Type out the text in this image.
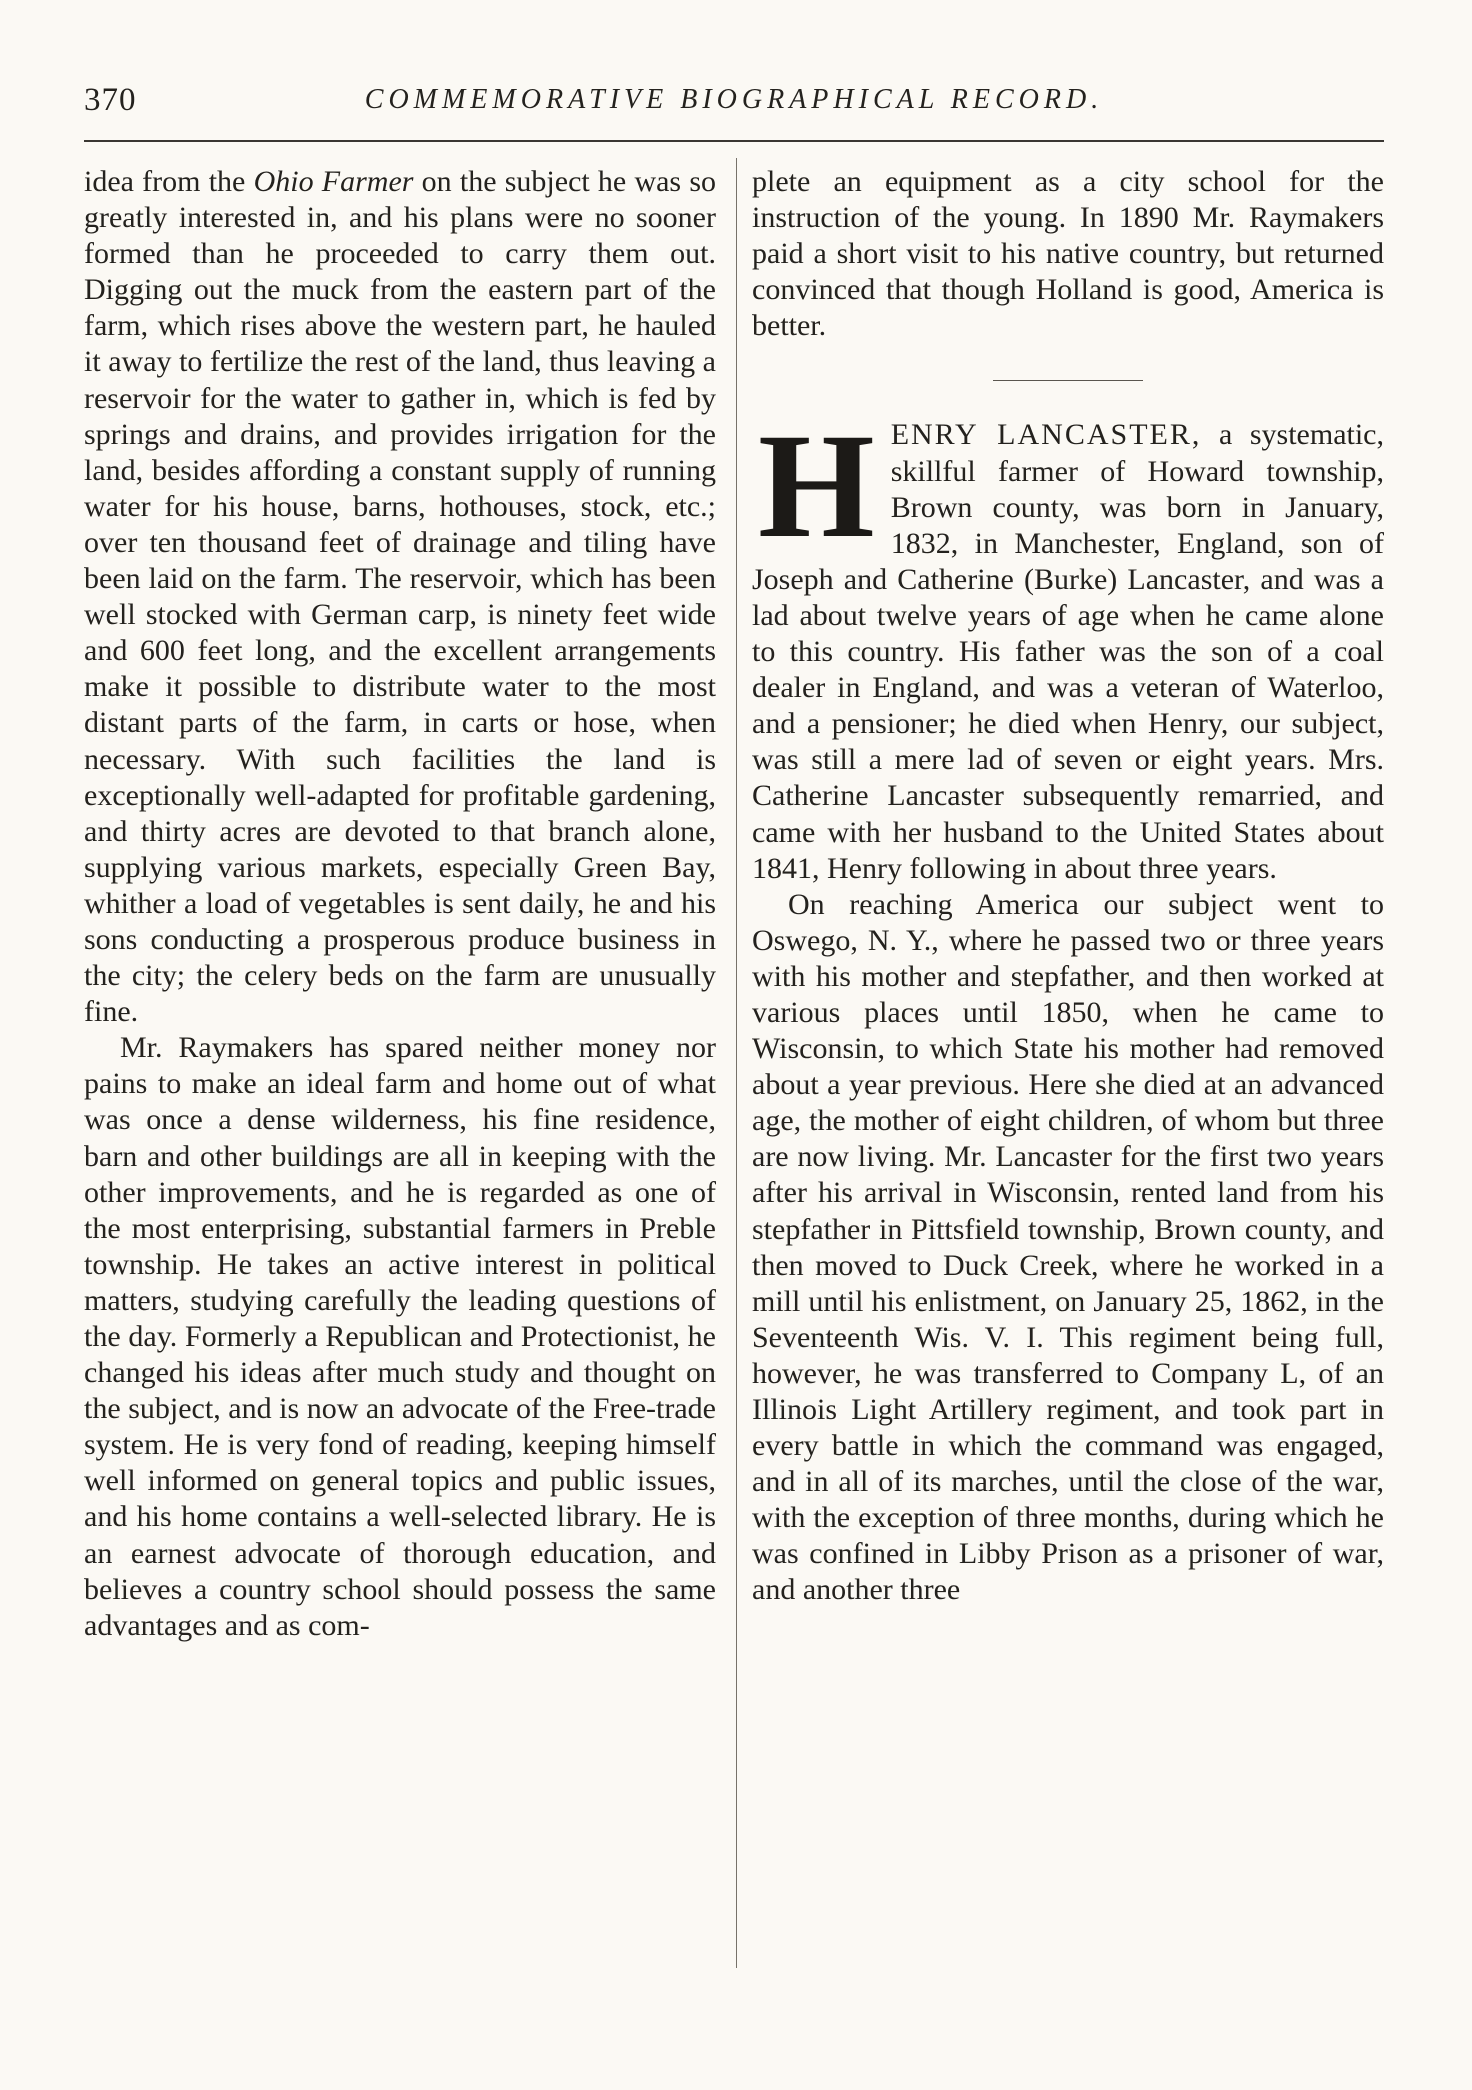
370	COMMEMORATIVE BIOGRAPHICAL RECORD.

idea from the Ohio Farmer on the subject he was so greatly interested in, and his plans were no sooner formed than he proceeded to carry them out. Digging out the muck from the eastern part of the farm, which rises above the western part, he hauled it away to fertilize the rest of the land, thus leaving a reservoir for the water to gather in, which is fed by springs and drains, and provides irrigation for the land, besides affording a constant supply of running water for his house, barns, hothouses, stock, etc.; over ten thousand feet of drainage and tiling have been laid on the farm. The reservoir, which has been well stocked with German carp, is ninety feet wide and 600 feet long, and the excellent arrangements make it possible to distribute water to the most distant parts of the farm, in carts or hose, when necessary. With such facilities the land is exceptionally well-adapted for profitable gardening, and thirty acres are devoted to that branch alone, supplying various markets, especially Green Bay, whither a load of vegetables is sent daily, he and his sons conducting a prosperous produce business in the city; the celery beds on the farm are unusually fine.

Mr. Raymakers has spared neither money nor pains to make an ideal farm and home out of what was once a dense wilderness, his fine residence, barn and other buildings are all in keeping with the other improvements, and he is regarded as one of the most enterprising, substantial farmers in Preble township. He takes an active interest in political matters, studying carefully the leading questions of the day. Formerly a Republican and Protectionist, he changed his ideas after much study and thought on the subject, and is now an advocate of the Free-trade system. He is very fond of reading, keeping himself well informed on general topics and public issues, and his home contains a well-selected library. He is an earnest advocate of thorough education, and believes a country school should possess the same advantages and as com-

plete an equipment as a city school for the instruction of the young. In 1890 Mr. Raymakers paid a short visit to his native country, but returned convinced that though Holland is good, America is better.

HENRY LANCASTER, a systematic, skillful farmer of Howard township, Brown county, was born in January, 1832, in Manchester, England, son of Joseph and Catherine (Burke) Lancaster, and was a lad about twelve years of age when he came alone to this country. His father was the son of a coal dealer in England, and was a veteran of Waterloo, and a pensioner; he died when Henry, our subject, was still a mere lad of seven or eight years. Mrs. Catherine Lancaster subsequently remarried, and came with her husband to the United States about 1841, Henry following in about three years.

On reaching America our subject went to Oswego, N. Y., where he passed two or three years with his mother and stepfather, and then worked at various places until 1850, when he came to Wisconsin, to which State his mother had removed about a year previous. Here she died at an advanced age, the mother of eight children, of whom but three are now living. Mr. Lancaster for the first two years after his arrival in Wisconsin, rented land from his stepfather in Pittsfield township, Brown county, and then moved to Duck Creek, where he worked in a mill until his enlistment, on January 25, 1862, in the Seventeenth Wis. V. I. This regiment being full, however, he was transferred to Company L, of an Illinois Light Artillery regiment, and took part in every battle in which the command was engaged, and in all of its marches, until the close of the war, with the exception of three months, during which he was confined in Libby Prison as a prisoner of war, and another three
